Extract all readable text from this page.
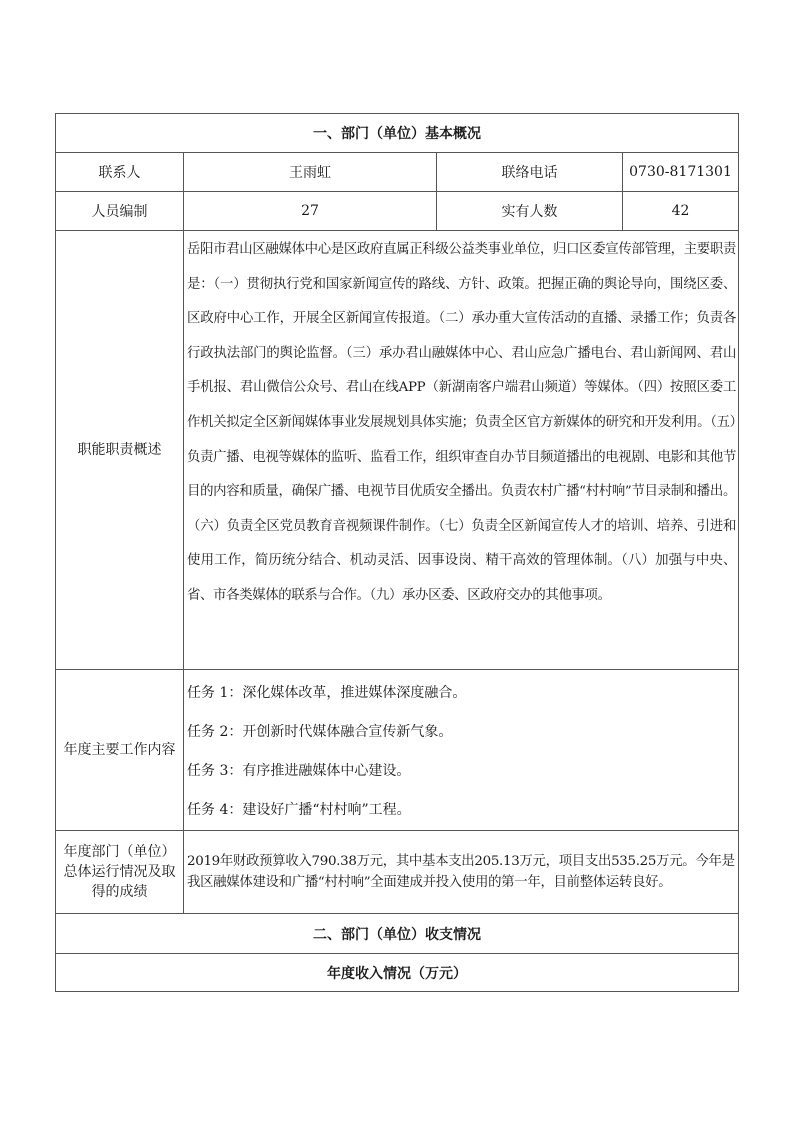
一、部门（单位）基本概况			
联系人	王雨虹	联络电话	0730-8171301
人员编制	27	实有人数	42
职能职责概述	岳阳市君山区融媒体中心是区政府直属正科级公益类事业单位，归口区委宣传部管理，主要职责是：（一）贯彻执行党和国家新闻宣传的路线、方针、政策。把握正确的舆论导向，围绕区委、区政府中心工作，开展全区新闻宣传报道。（二）承办重大宣传活动的直播、录播工作；负责各行政执法部门的舆论监督。（三）承办君山融媒体中心、君山应急广播电台、君山新闻网、君山手机报、君山微信公众号、君山在线APP（新湖南客户端君山频道）等媒体。（四）按照区委工作机关拟定全区新闻媒体事业发展规划具体实施；负责全区官方新媒体的研究和开发利用。（五）负责广播、电视等媒体的监听、监看工作，组织审查自办节目频道播出的电视剧、电影和其他节目的内容和质量，确保广播、电视节目优质安全播出。负责农村广播“村村响”节目录制和播出。（六）负责全区党员教育音视频课件制作。（七）负责全区新闻宣传人才的培训、培养、引进和使用工作，简历统分结合、机动灵活、因事设岗、精干高效的管理体制。（八）加强与中央、省、市各类媒体的联系与合作。（九）承办区委、区政府交办的其他事项。		

年度主要工作内容	任务 1：深化媒体改革，推进媒体深度融合。
任务 2：开创新时代媒体融合宣传新气象。
任务 3：有序推进融媒体中心建设。
任务 4：建设好广播“村村响”工程。		

年度部门（单位）总体运行情况及取得的成绩	2019年财政预算收入790.38万元，其中基本支出205.13万元，项目支出535.25万元。今年是我区融媒体建设和广播“村村响”全面建成并投入使用的第一年，目前整体运转良好。		

二、部门（单位）收支情况			
年度收入情况（万元）			
